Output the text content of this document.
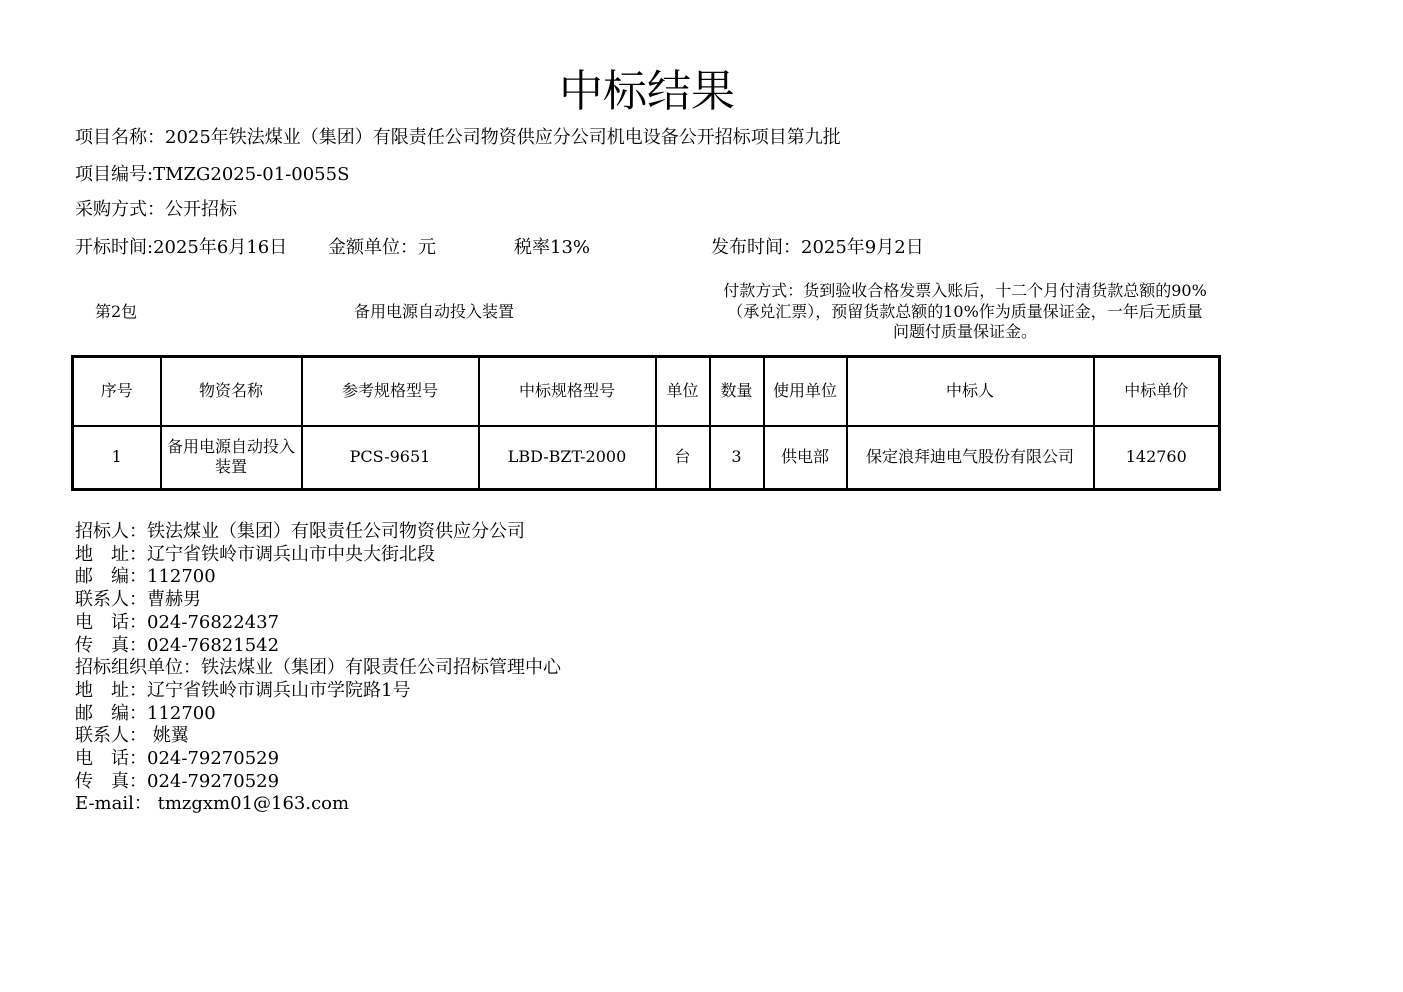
中标结果
项目名称：2025年铁法煤业（集团）有限责任公司物资供应分公司机电设备公开招标项目第九批
项目编号:TMZG2025-01-0055S
采购方式：公开招标
开标时间:2025年6月16日 金额单位：元	税率13%	发布时间：2025年9月2日
第2包	备用电源自动投入装置
付款方式：货到验收合格发票入账后，十二个月付清货款总额的90%
（承兑汇票），预留货款总额的10%作为质量保证金，一年后无质量
问题付质量保证金。
序号	物资名称	参考规格型号	中标规格型号	单位	数量	使用单位	中标人	中标单价
1	备用电源自动投入装置	PCS-9651	LBD-BZT-2000	台	3	供电部	保定浪拜迪电气股份有限公司	142760
招标人：铁法煤业（集团）有限责任公司物资供应分公司
地　址：辽宁省铁岭市调兵山市中央大街北段
邮　编：112700
联系人：曹赫男
电　话：024-76822437
传　真：024-76821542
招标组织单位：铁法煤业（集团）有限责任公司招标管理中心
地　址：辽宁省铁岭市调兵山市学院路1号
邮　编：112700
联系人： 姚翼
电　话：024-79270529
传　真：024-79270529
E-mail： tmzgxm01@163.com
